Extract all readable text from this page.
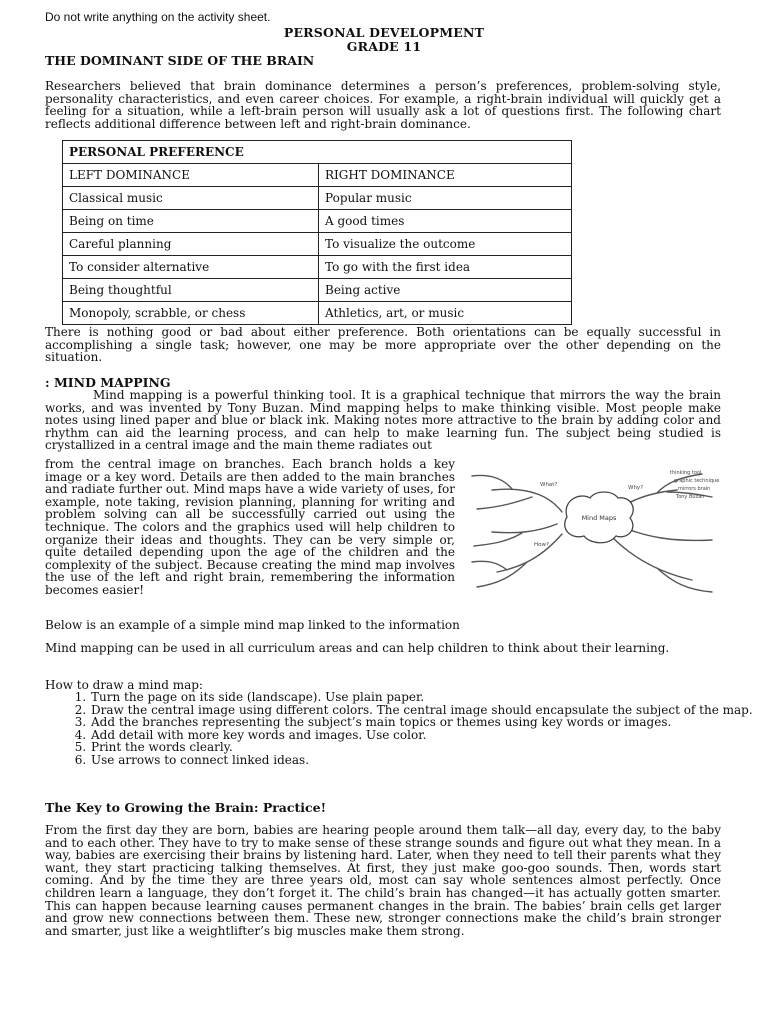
Do not write anything on the activity sheet.
PERSONAL DEVELOPMENT
GRADE 11
THE DOMINANT SIDE OF THE BRAIN

Researchers believed that brain dominance determines a person’s preferences, problem-solving style, personality characteristics, and even career choices. For example, a right-brain individual will quickly get a feeling for a situation, while a left-brain person will usually ask a lot of questions first. The following chart reflects additional difference between left and right-brain dominance.

PERSONAL PREFERENCE	
LEFT DOMINANCE	RIGHT DOMINANCE
Classical music	Popular music
Being on time	A good times
Careful planning	To visualize the outcome
To consider alternative	To go with the first idea
Being thoughtful	Being active
Monopoly, scrabble, or chess	Athletics, art, or music

There is nothing good or bad about either preference. Both orientations can be equally successful in accomplishing a single task; however, one may be more appropriate over the other depending on the situation.

: MIND MAPPING

Mind mapping is a powerful thinking tool. It is a graphical technique that mirrors the way the brain works, and was invented by Tony Buzan. Mind mapping helps to make thinking visible. Most people make notes using lined paper and blue or black ink. Making notes more attractive to the brain by adding color and rhythm can aid the learning process, and can help to make learning fun. The subject being studied is crystallized in a central image and the main theme radiates out

from the central image on branches. Each branch holds a key image or a key word. Details are then added to the main branches and radiate further out. Mind maps have a wide variety of uses, for example, note taking, revision planning, planning for writing and problem solving can all be successfully carried out using the technique. The colors and the graphics used will help children to organize their ideas and thoughts. They can be very simple or, quite detailed depending upon the age of the children and the complexity of the subject. Because creating the mind map involves the use of the left and right brain, remembering the information becomes easier!

Mind Maps
What?
How?
Why?
thinking tool
graphic technique
mirrors brain
Tony Buzan

Below is an example of a simple mind map linked to the information

Mind mapping can be used in all curriculum areas and can help children to think about their learning.

How to draw a mind map:

1. Turn the page on its side (landscape). Use plain paper.
2. Draw the central image using different colors. The central image should encapsulate the subject of the map.
3. Add the branches representing the subject’s main topics or themes using key words or images.
4. Add detail with more key words and images. Use color.
5. Print the words clearly.
6. Use arrows to connect linked ideas.
The Key to Growing the Brain: Practice!

From the first day they are born, babies are hearing people around them talk—all day, every day, to the baby and to each other. They have to try to make sense of these strange sounds and figure out what they mean. In a way, babies are exercising their brains by listening hard. Later, when they need to tell their parents what they want, they start practicing talking themselves. At first, they just make goo-goo sounds. Then, words start coming. And by the time they are three years old, most can say whole sentences almost perfectly. Once children learn a language, they don’t forget it. The child’s brain has changed—it has actually gotten smarter. This can happen because learning causes permanent changes in the brain. The babies’ brain cells get larger and grow new connections between them. These new, stronger connections make the child’s brain stronger and smarter, just like a weightlifter’s big muscles make them strong.
